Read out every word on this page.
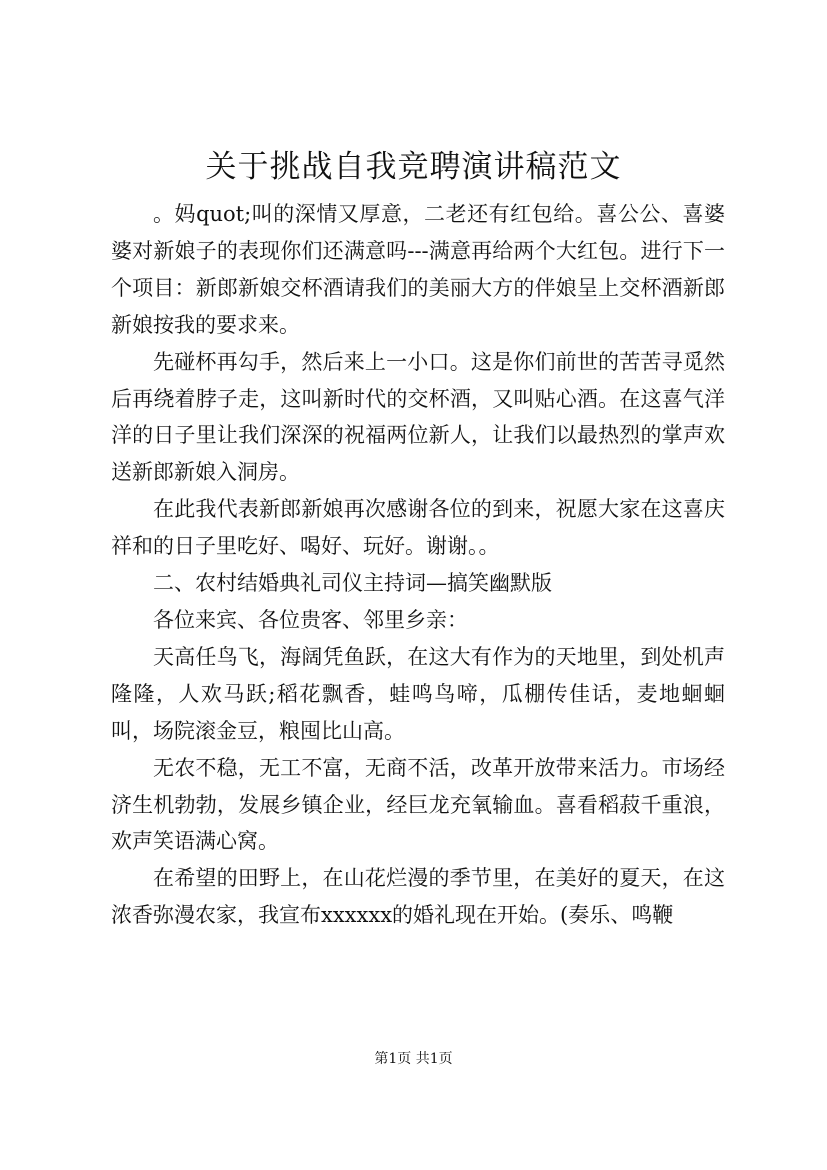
关于挑战自我竞聘演讲稿范文

。妈quot;叫的深情又厚意，二老还有红包给。喜公公、喜婆婆对新娘子的表现你们还满意吗---满意再给两个大红包。进行下一个项目：新郎新娘交杯酒请我们的美丽大方的伴娘呈上交杯酒新郎新娘按我的要求来。

先碰杯再勾手，然后来上一小口。这是你们前世的苦苦寻觅然后再绕着脖子走，这叫新时代的交杯酒，又叫贴心酒。在这喜气洋洋的日子里让我们深深的祝福两位新人，让我们以最热烈的掌声欢送新郎新娘入洞房。

在此我代表新郎新娘再次感谢各位的到来，祝愿大家在这喜庆祥和的日子里吃好、喝好、玩好。谢谢。。

二、农村结婚典礼司仪主持词—搞笑幽默版

各位来宾、各位贵客、邻里乡亲：

天高任鸟飞，海阔凭鱼跃，在这大有作为的天地里，到处机声隆隆，人欢马跃;稻花飘香，蛙鸣鸟啼，瓜棚传佳话，麦地蛔蛔叫，场院滚金豆，粮囤比山高。

无农不稳，无工不富，无商不活，改革开放带来活力。市场经济生机勃勃，发展乡镇企业，经巨龙充氧输血。喜看稻菽千重浪，欢声笑语满心窝。

在希望的田野上，在山花烂漫的季节里，在美好的夏天，在这浓香弥漫农家，我宣布xxxxxx的婚礼现在开始。(奏乐、鸣鞭

第1页 共1页
